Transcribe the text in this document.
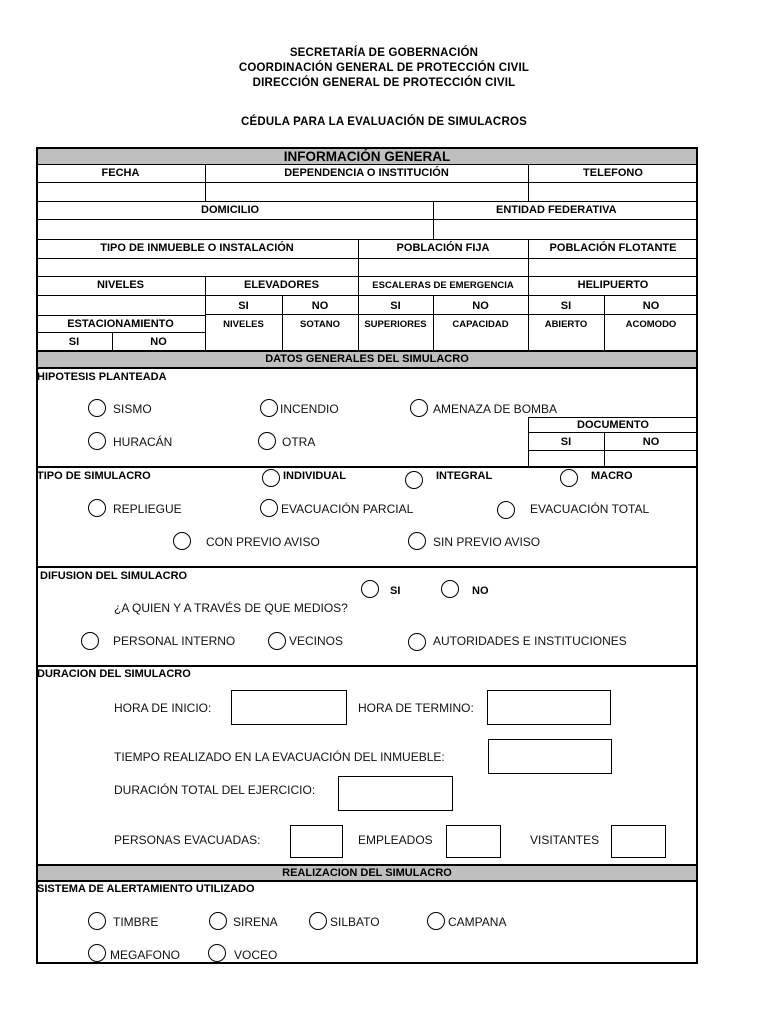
SECRETARÍA DE GOBERNACIÓN
COORDINACIÓN GENERAL DE PROTECCIÓN CIVIL
DIRECCIÓN GENERAL DE PROTECCIÓN CIVIL
CÉDULA PARA LA EVALUACIÓN DE SIMULACROS
INFORMACIÓN GENERAL
FECHA	DEPENDENCIA O INSTITUCIÓN	TELEFONO
DOMICILIO	ENTIDAD FEDERATIVA
TIPO DE INMUEBLE O INSTALACIÓN	POBLACIÓN FIJA	POBLACIÓN FLOTANTE
NIVELES	ELEVADORES	ESCALERAS DE EMERGENCIA	HELIPUERTO
SI	NO	SI	NO	SI	NO
ESTACIONAMIENTO	NIVELES	SOTANO	SUPERIORES	CAPACIDAD	ABIERTO	ACOMODO
SI	NO
DATOS GENERALES DEL SIMULACRO
HIPOTESIS PLANTEADA
SISMO	INCENDIO	AMENAZA DE BOMBA
HURACÁN	OTRA
DOCUMENTO
SI	NO
TIPO DE SIMULACRO	INDIVIDUAL	INTEGRAL	MACRO
REPLIEGUE	EVACUACIÓN PARCIAL	EVACUACIÓN TOTAL
CON PREVIO AVISO	SIN PREVIO AVISO
DIFUSION DEL SIMULACRO
SI	NO
¿A QUIEN Y A TRAVÉS DE QUE MEDIOS?
PERSONAL INTERNO	VECINOS	AUTORIDADES E INSTITUCIONES
DURACION DEL SIMULACRO
HORA DE INICIO:	HORA DE TERMINO:
TIEMPO REALIZADO EN LA EVACUACIÓN DEL INMUEBLE:
DURACIÓN TOTAL DEL EJERCICIO:
PERSONAS EVACUADAS:	EMPLEADOS	VISITANTES
REALIZACION DEL SIMULACRO
SISTEMA DE ALERTAMIENTO UTILIZADO
TIMBRE	SIRENA	SILBATO	CAMPANA
MEGAFONO	VOCEO
